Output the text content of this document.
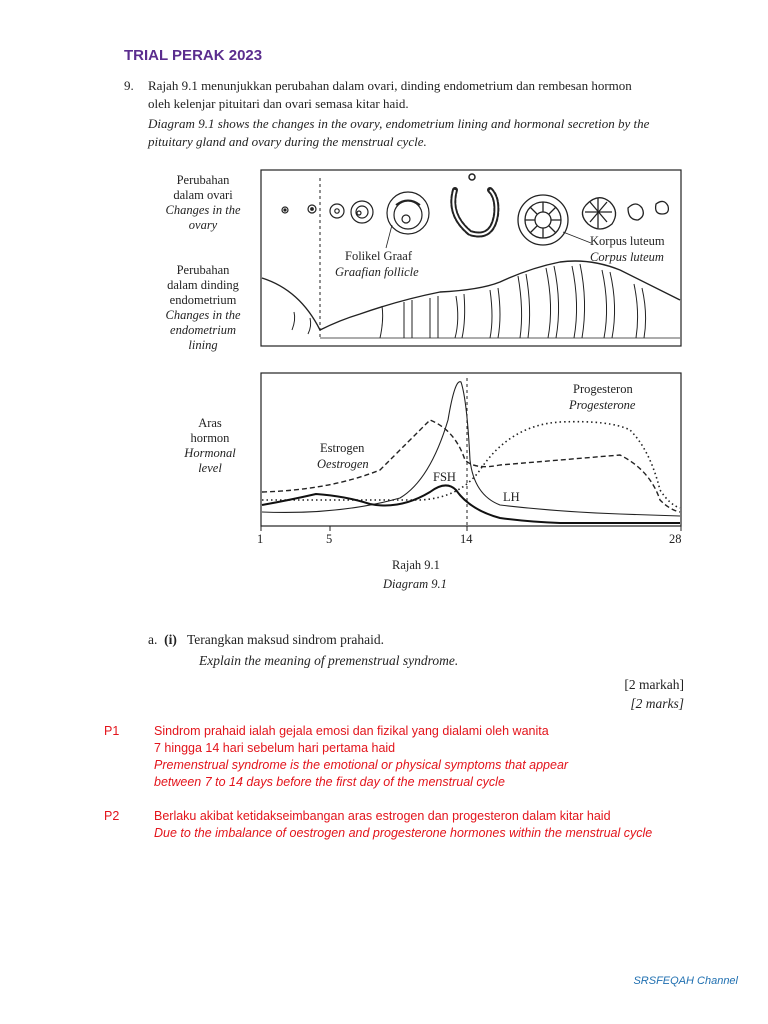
TRIAL PERAK 2023
9. Rajah 9.1 menunjukkan perubahan dalam ovari, dinding endometrium dan rembesan hormon
oleh kelenjar pituitari dan ovari semasa kitar haid.
Diagram 9.1 shows the changes in the ovary, endometrium lining and hormonal secretion by the
pituitary gland and ovary during the menstrual cycle.
Perubahan
dalam ovari
Changes in the
ovary
Perubahan
dalam dinding
endometrium
Changes in the
endometrium
lining
Aras
hormon
Hormonal
level
1	5	14	28
Folikel Graaf
Graafian follicle
Korpus luteum
Corpus luteum
Progesteron
Progesterone
Estrogen
Oestrogen
FSH
LH
Rajah 9.1
Diagram 9.1
a. (i) Terangkan maksud sindrom prahaid.
Explain the meaning of premenstrual syndrome.
[2 markah]
[2 marks]
P1	Sindrom prahaid ialah gejala emosi dan fizikal yang dialami oleh wanita
7 hingga 14 hari sebelum hari pertama haid
Premenstrual syndrome is the emotional or physical symptoms that appear
between 7 to 14 days before the first day of the menstrual cycle
P2	Berlaku akibat ketidakseimbangan aras estrogen dan progesteron dalam kitar haid
Due to the imbalance of oestrogen and progesterone hormones within the menstrual cycle
SRSFEQAH Channel
